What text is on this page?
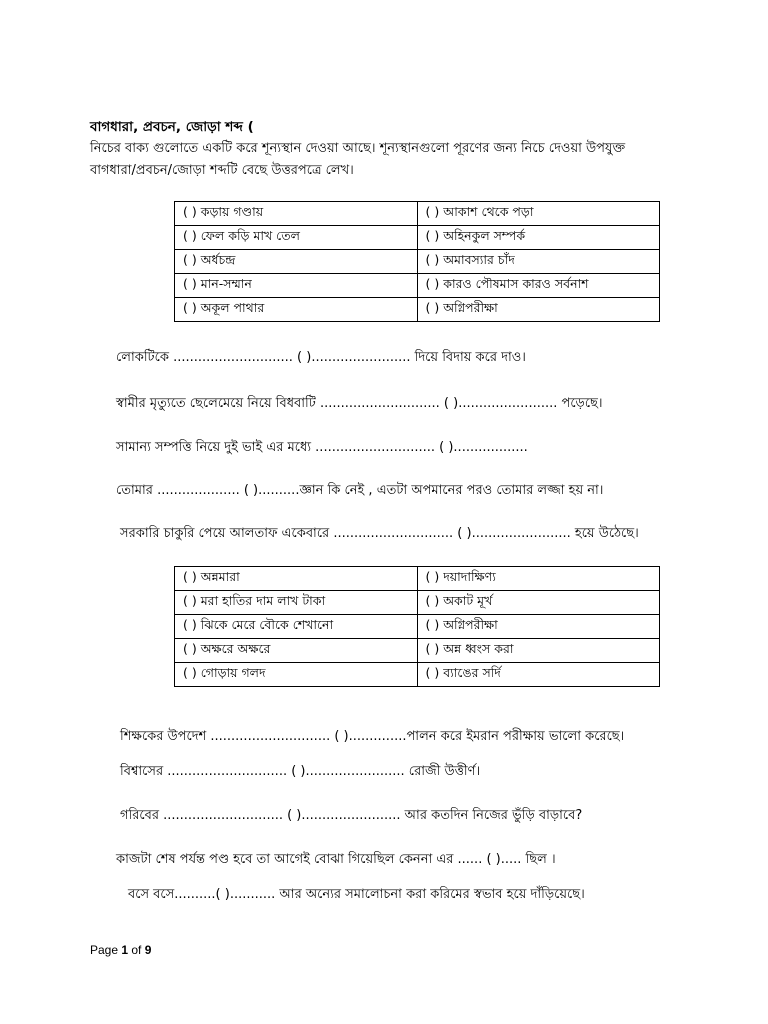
বাগধারা, প্রবচন, জোড়া শব্দ (
নিচের বাক্য গুলোতে একটি করে শূন্যস্থান দেওয়া আছে। শূন্যস্থানগুলো পূরণের জন্য নিচে দেওয়া উপযুক্ত
বাগধারা/প্রবচন/জোড়া শব্দটি বেছে উত্তরপত্রে লেখ।
( ) কড়ায় গণ্ডায়	( ) আকাশ থেকে পড়া
( ) ফেল কড়ি মাখ তেল	( ) অহিনকুল সম্পর্ক
( ) অর্ধচন্দ্র	( ) অমাবস্যার চাঁদ
( ) মান-সম্মান	( ) কারও পৌষমাস কারও সর্বনাশ
( ) অকূল পাথার	( ) অগ্নিপরীক্ষা
লোকটিকে ............................. ( )........................ দিয়ে বিদায় করে দাও।
স্বামীর মৃত্যুতে ছেলেমেয়ে নিয়ে বিধবাটি ............................. ( )........................ পড়েছে।
সামান্য সম্পত্তি নিয়ে দুই ভাই এর মধ্যে ............................. ( )..................
তোমার .................... ( )..........জ্ঞান কি নেই , এতটা অপমানের পরও তোমার লজ্জা হয় না।
সরকারি চাকুরি পেয়ে আলতাফ একেবারে ............................. ( )........................ হয়ে উঠেছে।
( ) অন্নমারা	( ) দয়াদাক্ষিণ্য
( ) মরা হাতির দাম লাখ টাকা	( ) অকাট মূর্খ
( ) ঝিকে মেরে বৌকে শেখানো	( ) অগ্নিপরীক্ষা
( ) অক্ষরে অক্ষরে	( ) অন্ন ধ্বংস করা
( ) গোড়ায় গলদ	( ) ব্যাঙের সর্দি
শিক্ষকের উপদেশ ............................. ( )..............পালন করে ইমরান পরীক্ষায় ভালো করেছে।
বিশ্বাসের ............................. ( )........................ রোজী উত্তীর্ণ।
গরিবের ............................. ( )........................ আর কতদিন নিজের ভুঁড়ি বাড়াবে?
কাজটা শেষ পর্যন্ত পণ্ড হবে তা আগেই বোঝা গিয়েছিল কেননা এর ...... ( )..... ছিল ।
বসে বসে..........( )........... আর অন্যের সমালোচনা করা করিমের স্বভাব হয়ে দাঁড়িয়েছে।
Page 1 of 9
